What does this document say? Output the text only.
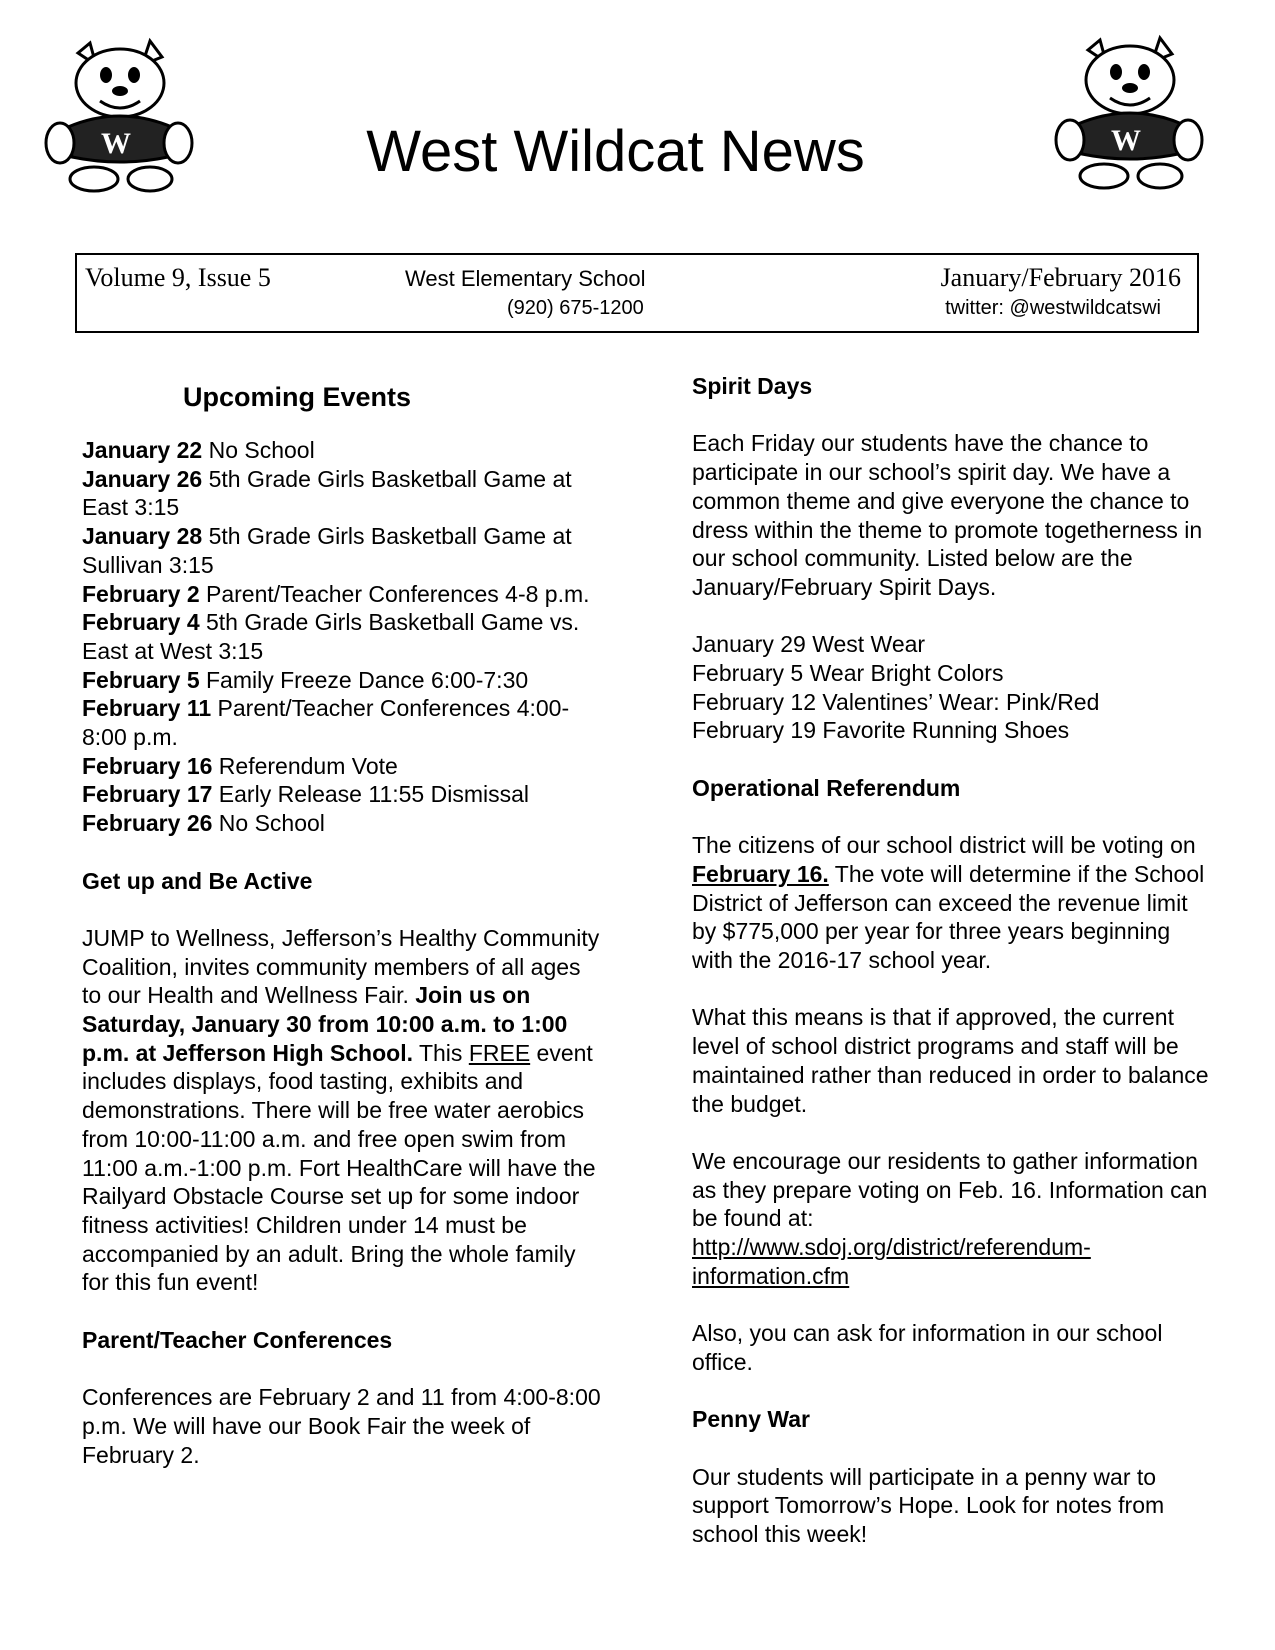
W	W
West Wildcat News
Volume 9, Issue 5	West Elementary School
(920) 675-1200
January/February 2016
twitter: @westwildcatswi

Upcoming Events

January 22 No School

January 26 5th Grade Girls Basketball Game at East 3:15

January 28 5th Grade Girls Basketball Game at Sullivan 3:15

February 2 Parent/Teacher Conferences 4-8 p.m.

February 4 5th Grade Girls Basketball Game vs. East at West 3:15

February 5 Family Freeze Dance 6:00-7:30

February 11 Parent/Teacher Conferences 4:00-8:00 p.m.

February 16 Referendum Vote

February 17 Early Release 11:55 Dismissal

February 26 No School

Get up and Be Active

JUMP to Wellness, Jefferson’s Healthy Community Coalition, invites community members of all ages to our Health and Wellness Fair. Join us on Saturday, January 30 from 10:00 a.m. to 1:00 p.m. at Jefferson High School. This FREE event includes displays, food tasting, exhibits and demonstrations. There will be free water aerobics from 10:00-11:00 a.m. and free open swim from 11:00 a.m.-1:00 p.m. Fort HealthCare will have the Railyard Obstacle Course set up for some indoor fitness activities! Children under 14 must be accompanied by an adult. Bring the whole family for this fun event!

Parent/Teacher Conferences

Conferences are February 2 and 11 from 4:00-8:00 p.m. We will have our Book Fair the week of February 2.

Spirit Days

Each Friday our students have the chance to participate in our school’s spirit day. We have a common theme and give everyone the chance to dress within the theme to promote togetherness in our school community. Listed below are the January/February Spirit Days.

January 29 West Wear

February 5 Wear Bright Colors

February 12 Valentines’ Wear: Pink/Red

February 19 Favorite Running Shoes

Operational Referendum

The citizens of our school district will be voting on February 16. The vote will determine if the School District of Jefferson can exceed the revenue limit by $775,000 per year for three years beginning with the 2016-17 school year.

What this means is that if approved, the current level of school district programs and staff will be maintained rather than reduced in order to balance the budget.

We encourage our residents to gather information as they prepare voting on Feb. 16. Information can be found at:

http://www.sdoj.org/district/referendum-information.cfm

Also, you can ask for information in our school office.

Penny War

Our students will participate in a penny war to support Tomorrow’s Hope. Look for notes from school this week!
